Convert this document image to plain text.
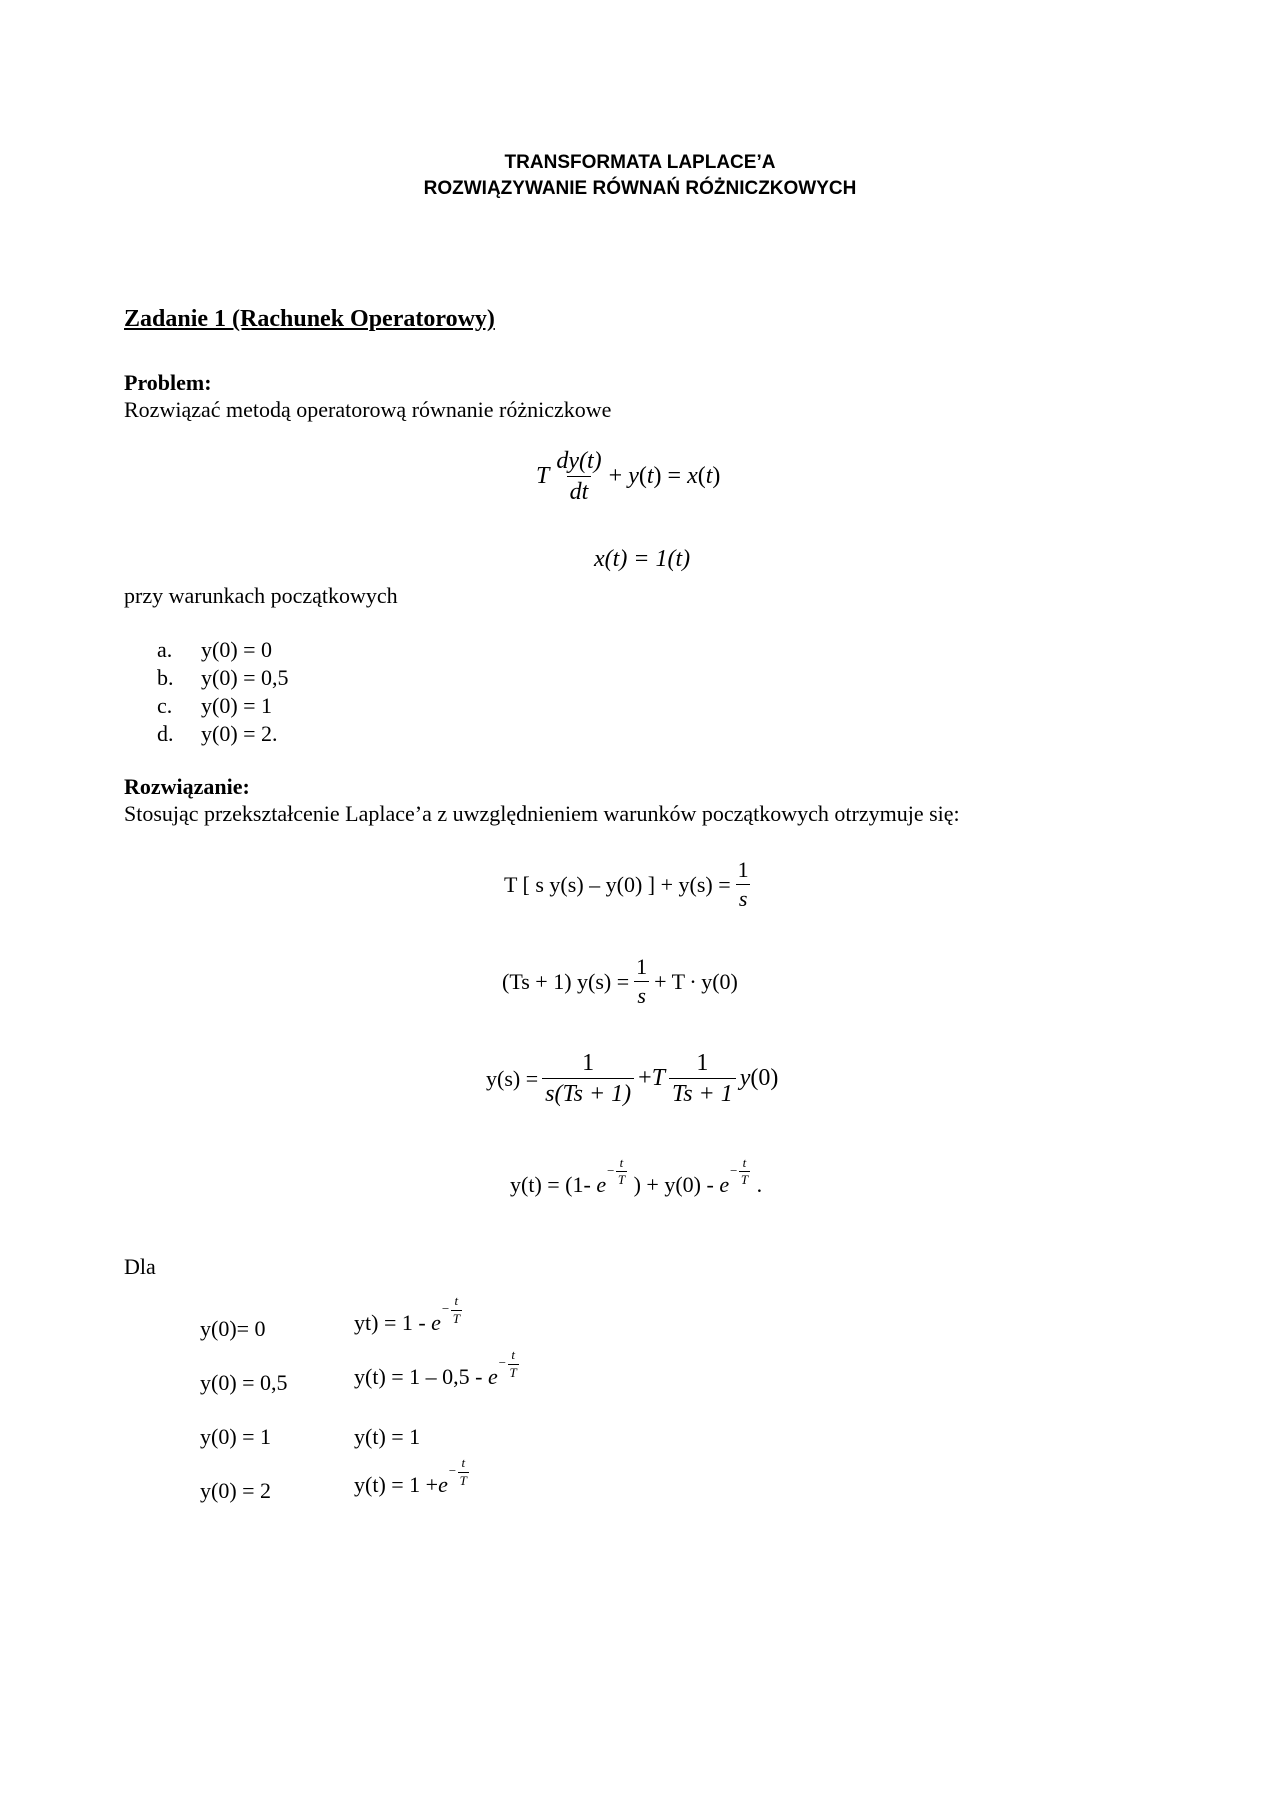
TRANSFORMATA LAPLACE’A
ROZWIĄZYWANIE RÓWNAŃ RÓŻNICZKOWYCH
Zadanie 1 (Rachunek Operatorowy)
Problem:
Rozwiązać metodą operatorową równanie różniczkowe
T $\frac{dy(t)}{dt} + y(t) = x(t)$
x(t) = 1(t)
przy warunkach początkowych
a.	y(0) = 0
b.	y(0) = 0,5
c.	y(0) = 1
d.	y(0) = 2.
Rozwiązanie:
Stosując przekształcenie Laplace’a z uwzględnieniem warunków początkowych otrzymuje się:
T [ s y(s) – y(0) ] + $y(s) = \frac{1}{s}$
(Ts + 1) $y(s) = \frac{1}{s} + T \cdot y(0)$
$y(s) = \frac{1}{s(Ts + 1)} +T \frac{1}{Ts + 1} y(0)$
y(t) = (1- $e- \frac{t}{T}$ ) + $y(0) - e- \frac{t}{T}$ .
Dla
y(0)= 0	$yt) = 1 - e- \frac{t}{T}$
y(0) = 0,5	$y(t) = 1 - 0,5 - e- \frac{t}{T}$
y(0) = 1	y(t) = 1
y(0) = 2	$y(t) = 1 +e- \frac{t}{T}$
